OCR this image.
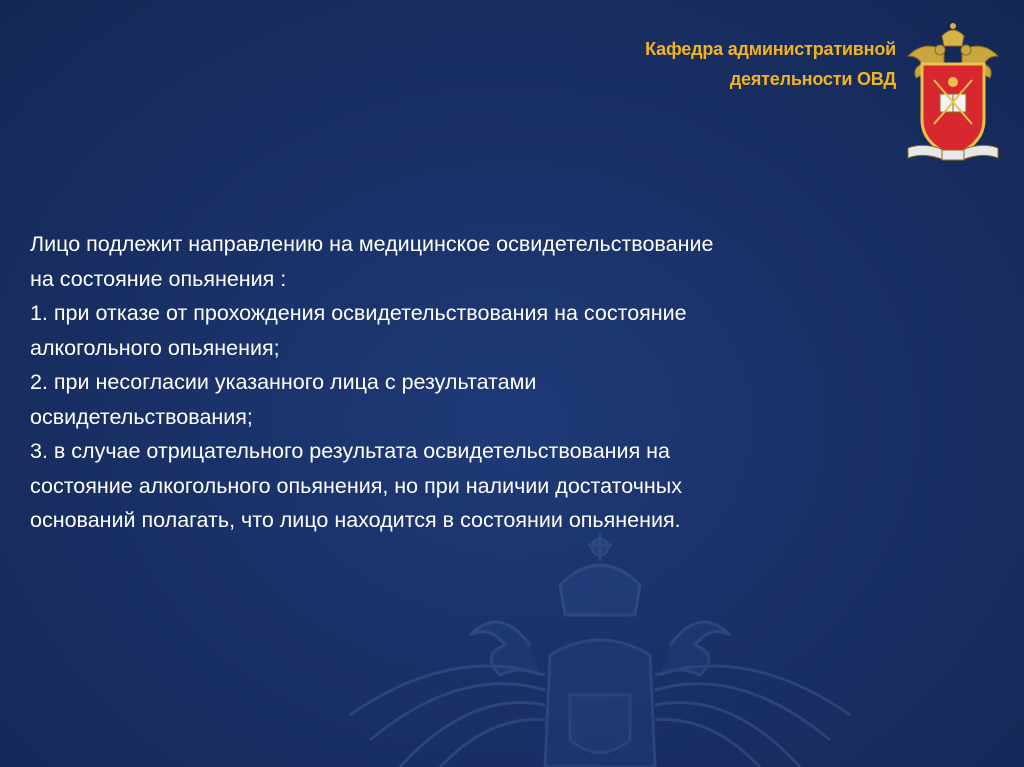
Кафедра административной
деятельности ОВД

Лицо подлежит направлению на медицинское освидетельствование

на состояние опьянения :

1. при отказе от прохождения освидетельствования на состояние

алкогольного опьянения;

2. при несогласии указанного лица с результатами

освидетельствования;

3. в случае отрицательного результата освидетельствования на

состояние алкогольного опьянения, но при наличии достаточных

оснований полагать, что лицо находится в состоянии опьянения.
